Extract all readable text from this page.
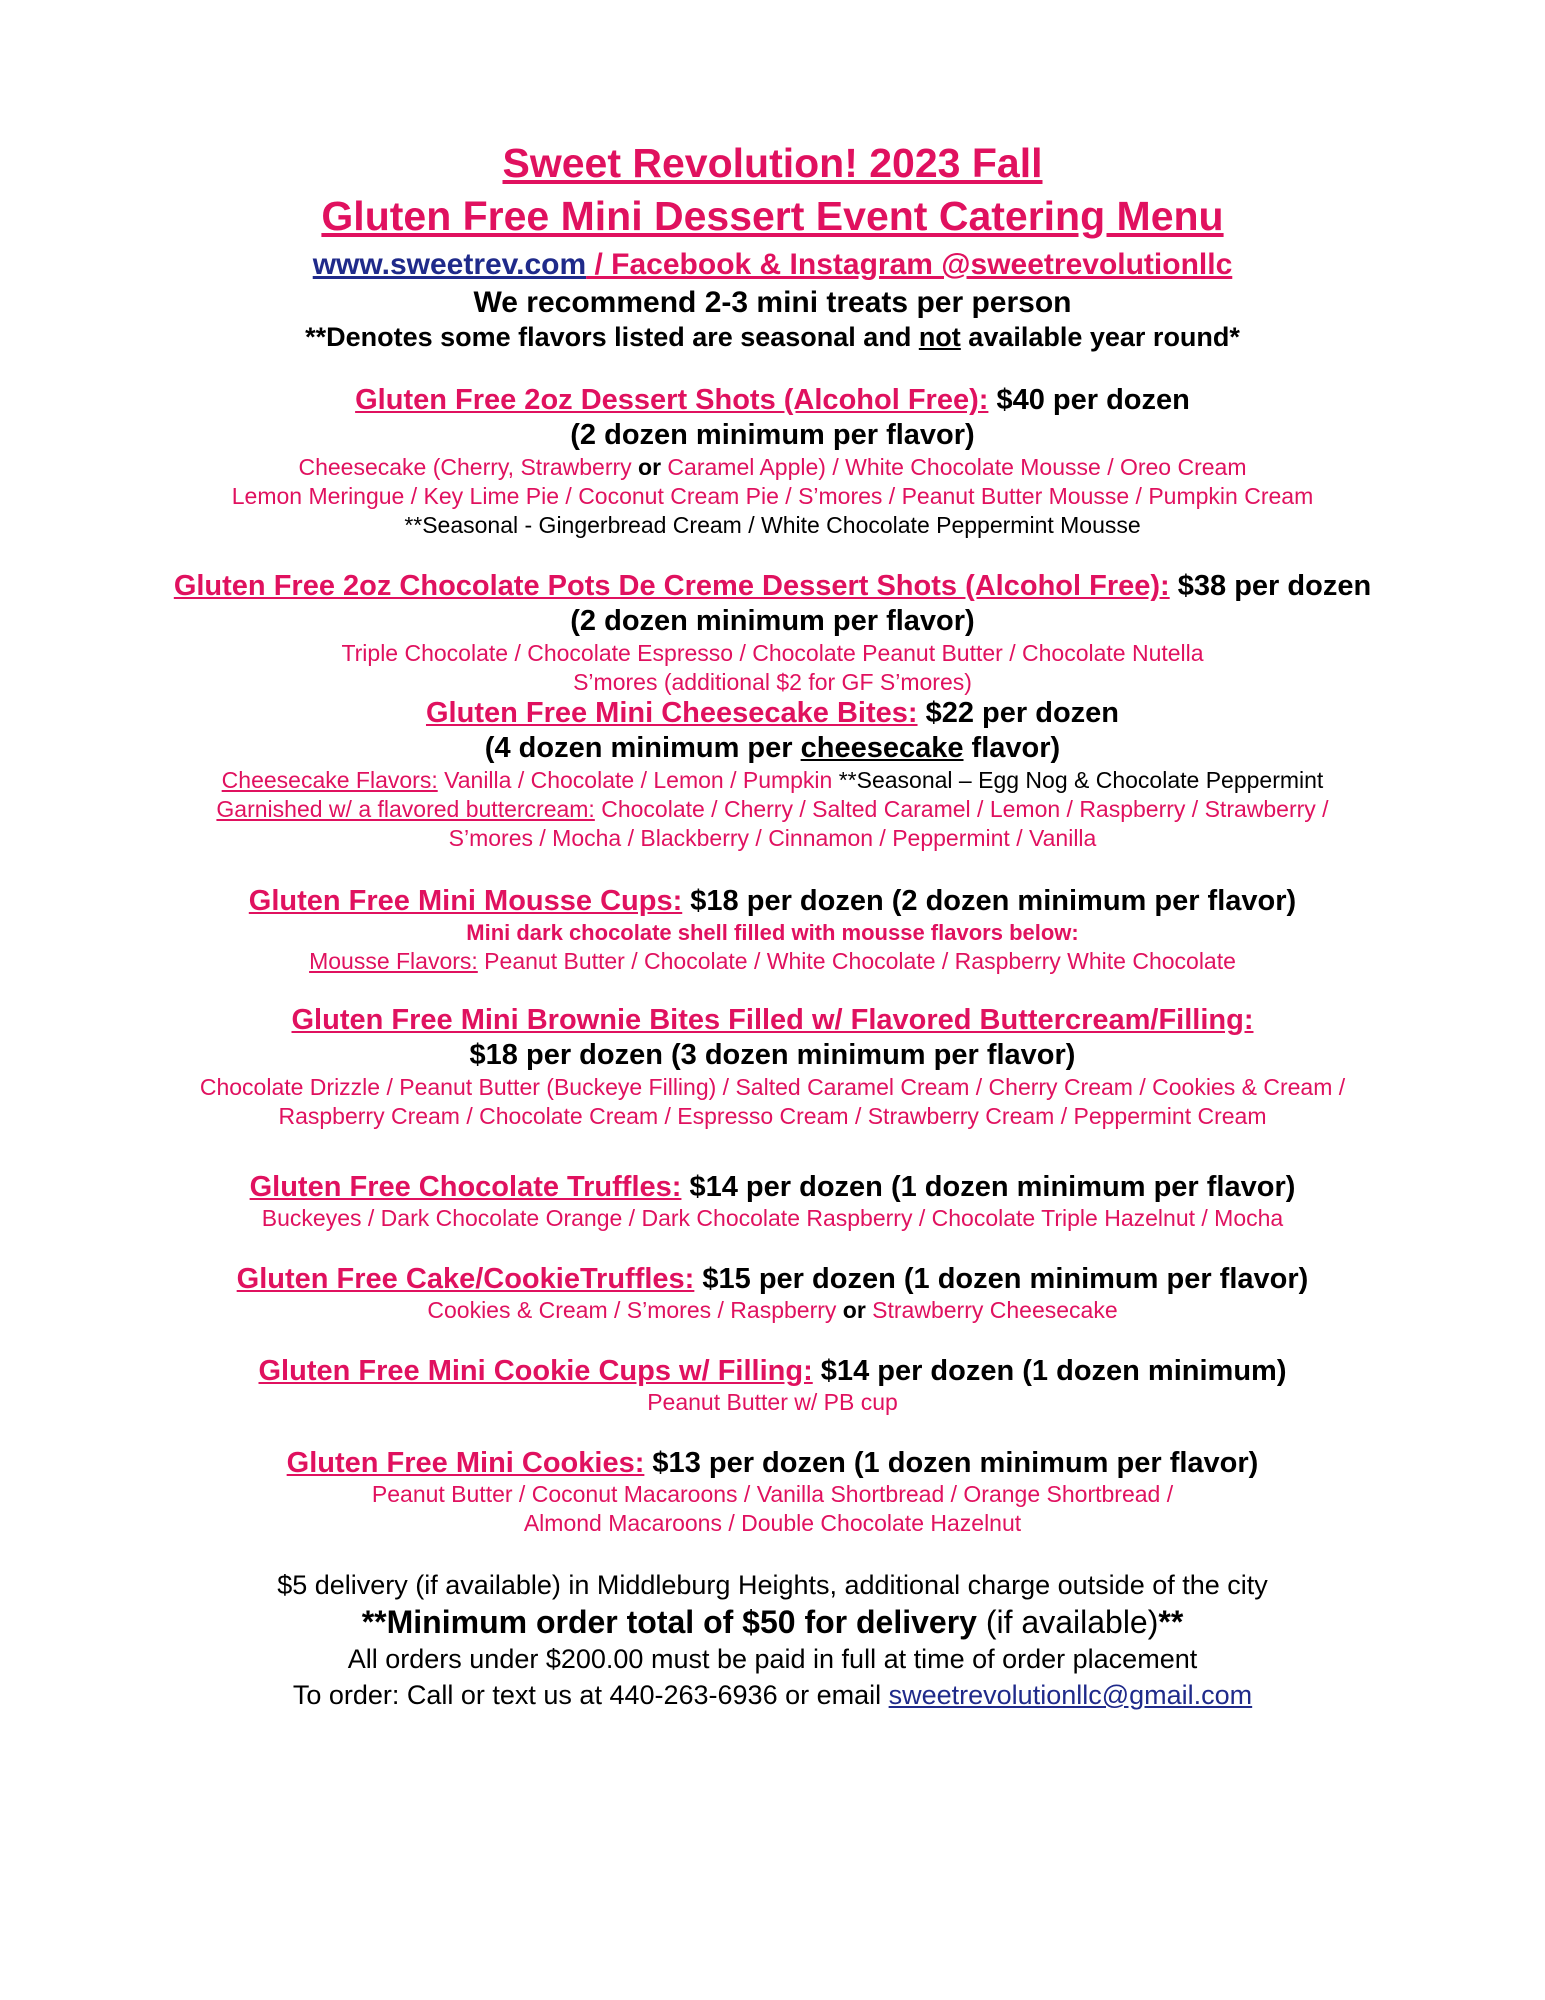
Sweet Revolution! 2023 Fall
Gluten Free Mini Dessert Event Catering Menu
www.sweetrev.com / Facebook & Instagram @sweetrevolutionllc
We recommend 2-3 mini treats per person
**Denotes some flavors listed are seasonal and not available year round*
Gluten Free 2oz Dessert Shots (Alcohol Free): $40 per dozen
(2 dozen minimum per flavor)
Cheesecake (Cherry, Strawberry or Caramel Apple) / White Chocolate Mousse / Oreo Cream
Lemon Meringue / Key Lime Pie / Coconut Cream Pie / S’mores / Peanut Butter Mousse / Pumpkin Cream
**Seasonal - Gingerbread Cream / White Chocolate Peppermint Mousse
Gluten Free 2oz Chocolate Pots De Creme Dessert Shots (Alcohol Free): $38 per dozen
(2 dozen minimum per flavor)
Triple Chocolate / Chocolate Espresso / Chocolate Peanut Butter / Chocolate Nutella
S’mores (additional $2 for GF S’mores)
Gluten Free Mini Cheesecake Bites: $22 per dozen
(4 dozen minimum per cheesecake flavor)
Cheesecake Flavors: Vanilla / Chocolate / Lemon / Pumpkin **Seasonal – Egg Nog & Chocolate Peppermint
Garnished w/ a flavored buttercream: Chocolate / Cherry / Salted Caramel / Lemon / Raspberry / Strawberry /
S’mores / Mocha / Blackberry / Cinnamon / Peppermint / Vanilla
Gluten Free Mini Mousse Cups: $18 per dozen (2 dozen minimum per flavor)
Mini dark chocolate shell filled with mousse flavors below:
Mousse Flavors: Peanut Butter / Chocolate / White Chocolate / Raspberry White Chocolate
Gluten Free Mini Brownie Bites Filled w/ Flavored Buttercream/Filling:
$18 per dozen (3 dozen minimum per flavor)
Chocolate Drizzle / Peanut Butter (Buckeye Filling) / Salted Caramel Cream / Cherry Cream / Cookies & Cream /
Raspberry Cream / Chocolate Cream / Espresso Cream / Strawberry Cream / Peppermint Cream
Gluten Free Chocolate Truffles: $14 per dozen (1 dozen minimum per flavor)
Buckeyes / Dark Chocolate Orange / Dark Chocolate Raspberry / Chocolate Triple Hazelnut / Mocha
Gluten Free Cake/CookieTruffles: $15 per dozen (1 dozen minimum per flavor)
Cookies & Cream / S’mores / Raspberry or Strawberry Cheesecake
Gluten Free Mini Cookie Cups w/ Filling: $14 per dozen (1 dozen minimum)
Peanut Butter w/ PB cup
Gluten Free Mini Cookies: $13 per dozen (1 dozen minimum per flavor)
Peanut Butter / Coconut Macaroons / Vanilla Shortbread / Orange Shortbread /
Almond Macaroons / Double Chocolate Hazelnut
$5 delivery (if available) in Middleburg Heights, additional charge outside of the city
**Minimum order total of $50 for delivery (if available)**
All orders under $200.00 must be paid in full at time of order placement
To order: Call or text us at 440-263-6936 or email sweetrevolutionllc@gmail.com
